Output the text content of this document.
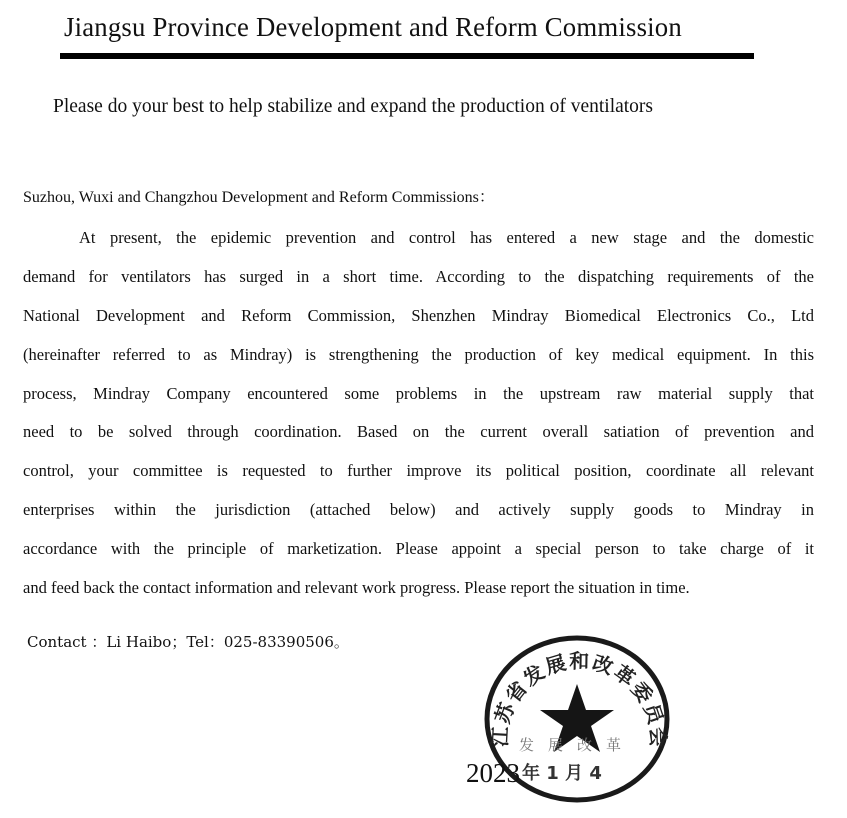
Jiangsu Province Development and Reform Commission
Please do your best to help stabilize and expand the production of ventilators
Suzhou, Wuxi and Changzhou Development and Reform Commissions：
At present, the epidemic prevention and control has entered a new stage and the domestic
demand for ventilators has surged in a short time. According to the dispatching requirements of the
National Development and Reform Commission, Shenzhen Mindray Biomedical Electronics Co., Ltd
(hereinafter referred to as Mindray) is strengthening the production of key medical equipment. In this
process, Mindray Company encountered some problems in the upstream raw material supply that
need to be solved through coordination. Based on the current overall satiation of prevention and
control, your committee is requested to further improve its political position, coordinate all relevant
enterprises within the jurisdiction (attached below) and actively supply goods to Mindray in
accordance with the principle of marketization. Please appoint a special person to take charge of it
and feed back the contact information and relevant work progress. Please report the situation in time.
Contact ：Li Haibo；Tel：025-83390506。
江苏省发展和改革委员会
发展改革
2023 年 1 月 4
